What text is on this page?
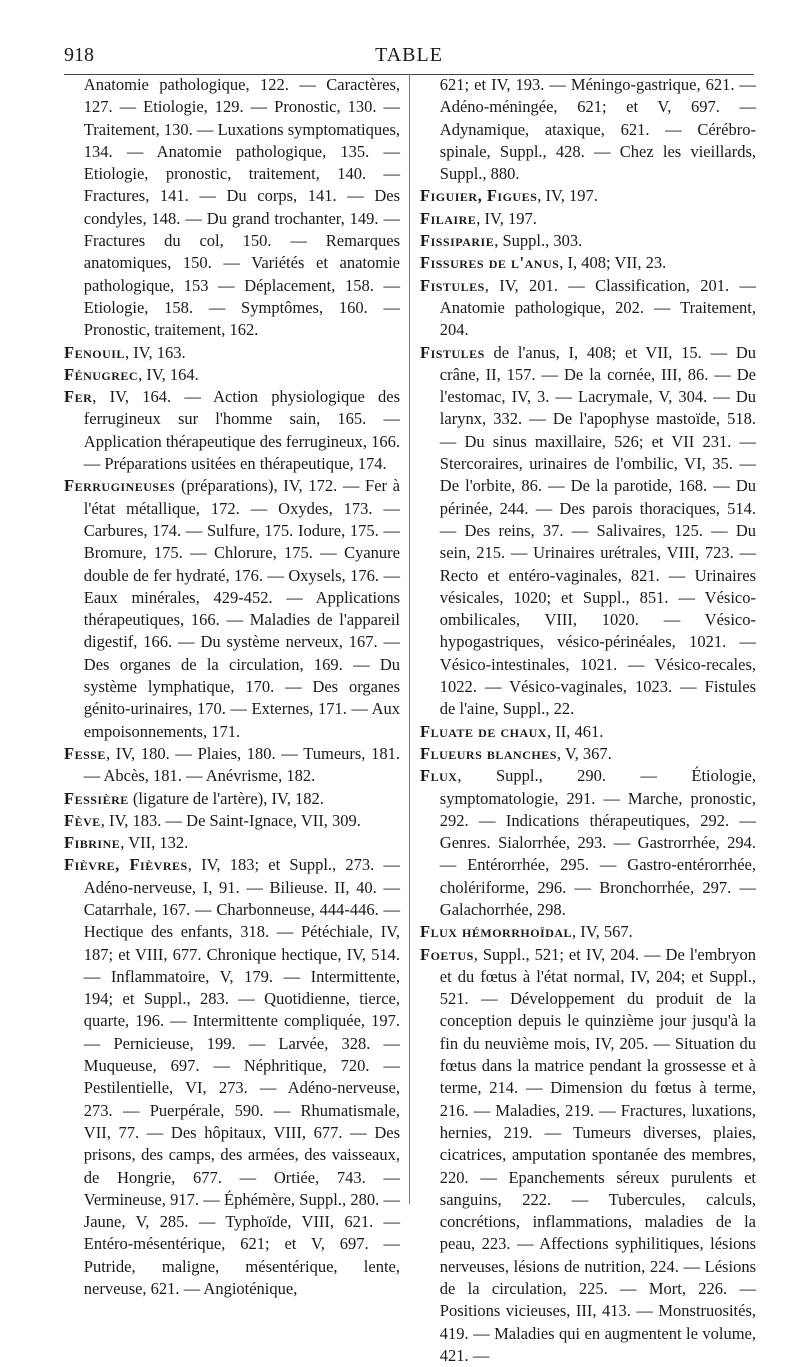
918	TABLE

Anatomie pathologique, 122. — Caractères, 127. — Etiologie, 129. — Pronostic, 130. — Traitement, 130. — Luxations symptomatiques, 134. — Anatomie pathologique, 135. — Etiologie, pronostic, traitement, 140. — Fractures, 141. — Du corps, 141. — Des condyles, 148. — Du grand trochanter, 149. — Fractures du col, 150. — Remarques anatomiques, 150. — Variétés et anatomie pathologique, 153 — Déplacement, 158. — Etiologie, 158. — Symptômes, 160. — Pronostic, traitement, 162.

Fenouil, IV, 163.

Fénugrec, IV, 164.

Fer, IV, 164. — Action physiologique des ferrugineux sur l'homme sain, 165. — Application thérapeutique des ferrugineux, 166. — Préparations usitées en thérapeutique, 174.

Ferrugineuses (préparations), IV, 172. — Fer à l'état métallique, 172. — Oxydes, 173. — Carbures, 174. — Sulfure, 175. Iodure, 175. — Bromure, 175. — Chlorure, 175. — Cyanure double de fer hydraté, 176. — Oxysels, 176. — Eaux minérales, 429-452. — Applications thérapeutiques, 166. — Maladies de l'appareil digestif, 166. — Du système nerveux, 167. — Des organes de la circulation, 169. — Du système lymphatique, 170. — Des organes génito-urinaires, 170. — Externes, 171. — Aux empoisonnements, 171.

Fesse, IV, 180. — Plaies, 180. — Tumeurs, 181. — Abcès, 181. — Anévrisme, 182.

Fessière (ligature de l'artère), IV, 182.

Fève, IV, 183. — De Saint-Ignace, VII, 309.

Fibrine, VII, 132.

Fièvre, Fièvres, IV, 183; et Suppl., 273. — Adéno-nerveuse, I, 91. — Bilieuse. II, 40. — Catarrhale, 167. — Charbonneuse, 444-446. — Hectique des enfants, 318. — Pétéchiale, IV, 187; et VIII, 677. Chronique hectique, IV, 514. — Inflammatoire, V, 179. — Intermittente, 194; et Suppl., 283. — Quotidienne, tierce, quarte, 196. — Intermittente compliquée, 197. — Pernicieuse, 199. — Larvée, 328. — Muqueuse, 697. — Néphritique, 720. — Pestilentielle, VI, 273. — Adéno-nerveuse, 273. — Puerpérale, 590. — Rhumatismale, VII, 77. — Des hôpitaux, VIII, 677. — Des prisons, des camps, des armées, des vaisseaux, de Hongrie, 677. — Ortiée, 743. — Vermineuse, 917. — Éphémère, Suppl., 280. — Jaune, V, 285. — Typhoïde, VIII, 621. — Entéro-mésentérique, 621; et V, 697. — Putride, maligne, mésentérique, lente, nerveuse, 621. — Angioténique,

621; et IV, 193. — Méningo-gastrique, 621. — Adéno-méningée, 621; et V, 697. — Adynamique, ataxique, 621. — Cérébro-spinale, Suppl., 428. — Chez les vieillards, Suppl., 880.

Figuier, Figues, IV, 197.

Filaire, IV, 197.

Fissiparie, Suppl., 303.

Fissures de l'anus, I, 408; VII, 23.

Fistules, IV, 201. — Classification, 201. — Anatomie pathologique, 202. — Traitement, 204.

Fistules de l'anus, I, 408; et VII, 15. — Du crâne, II, 157. — De la cornée, III, 86. — De l'estomac, IV, 3. — Lacrymale, V, 304. — Du larynx, 332. — De l'apophyse mastoïde, 518. — Du sinus maxillaire, 526; et VII 231. — Stercoraires, urinaires de l'ombilic, VI, 35. — De l'orbite, 86. — De la parotide, 168. — Du périnée, 244. — Des parois thoraciques, 514. — Des reins, 37. — Salivaires, 125. — Du sein, 215. — Urinaires urétrales, VIII, 723. — Recto et entéro-vaginales, 821. — Urinaires vésicales, 1020; et Suppl., 851. — Vésico-ombilicales, VIII, 1020. — Vésico-hypogastriques, vésico-périnéales, 1021. — Vésico-intestinales, 1021. — Vésico-recales, 1022. — Vésico-vaginales, 1023. — Fistules de l'aine, Suppl., 22.

Fluate de chaux, II, 461.

Flueurs blanches, V, 367.

Flux, Suppl., 290. — Étiologie, symptomatologie, 291. — Marche, pronostic, 292. — Indications thérapeutiques, 292. — Genres. Sialorrhée, 293. — Gastrorrhée, 294. — Entérorrhée, 295. — Gastro-entérorrhée, cholériforme, 296. — Bronchorrhée, 297. — Galachorrhée, 298.

Flux hémorrhoïdal, IV, 567.

Foetus, Suppl., 521; et IV, 204. — De l'embryon et du fœtus à l'état normal, IV, 204; et Suppl., 521. — Développement du produit de la conception depuis le quinzième jour jusqu'à la fin du neuvième mois, IV, 205. — Situation du fœtus dans la matrice pendant la grossesse et à terme, 214. — Dimension du fœtus à terme, 216. — Maladies, 219. — Fractures, luxations, hernies, 219. — Tumeurs diverses, plaies, cicatrices, amputation spontanée des membres, 220. — Epanchements séreux purulents et sanguins, 222. — Tubercules, calculs, concrétions, inflammations, maladies de la peau, 223. — Affections syphilitiques, lésions nerveuses, lésions de nutrition, 224. — Lésions de la circulation, 225. — Mort, 226. — Positions vicieuses, III, 413. — Monstruosités, 419. — Maladies qui en augmentent le volume, 421. —
